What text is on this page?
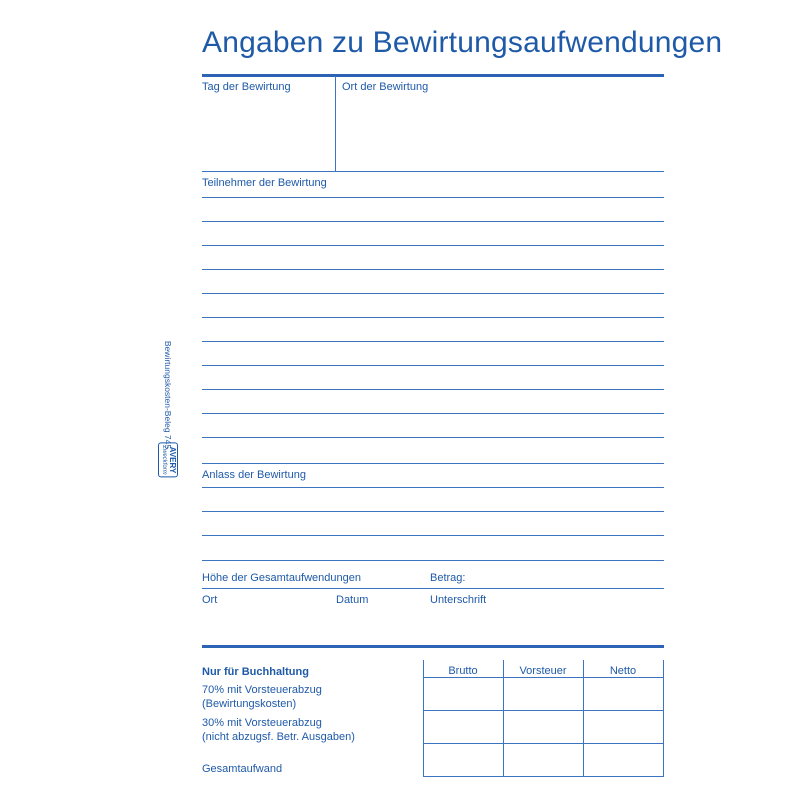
Angaben zu Bewirtungsaufwendungen
Bewirtungskosten-Beleg 745
AVERY
Zweckform
Tag der Bewirtung	Ort der Bewirtung
Teilnehmer der Bewirtung
Anlass der Bewirtung
Höhe der Gesamtaufwendungen	Betrag:
Ort	Datum	Unterschrift
Nur für Buchhaltung
70% mit Vorsteuerabzug
(Bewirtungskosten)
30% mit Vorsteuerabzug
(nicht abzugsf. Betr. Ausgaben)
Gesamtaufwand
Brutto	Vorsteuer	Netto
